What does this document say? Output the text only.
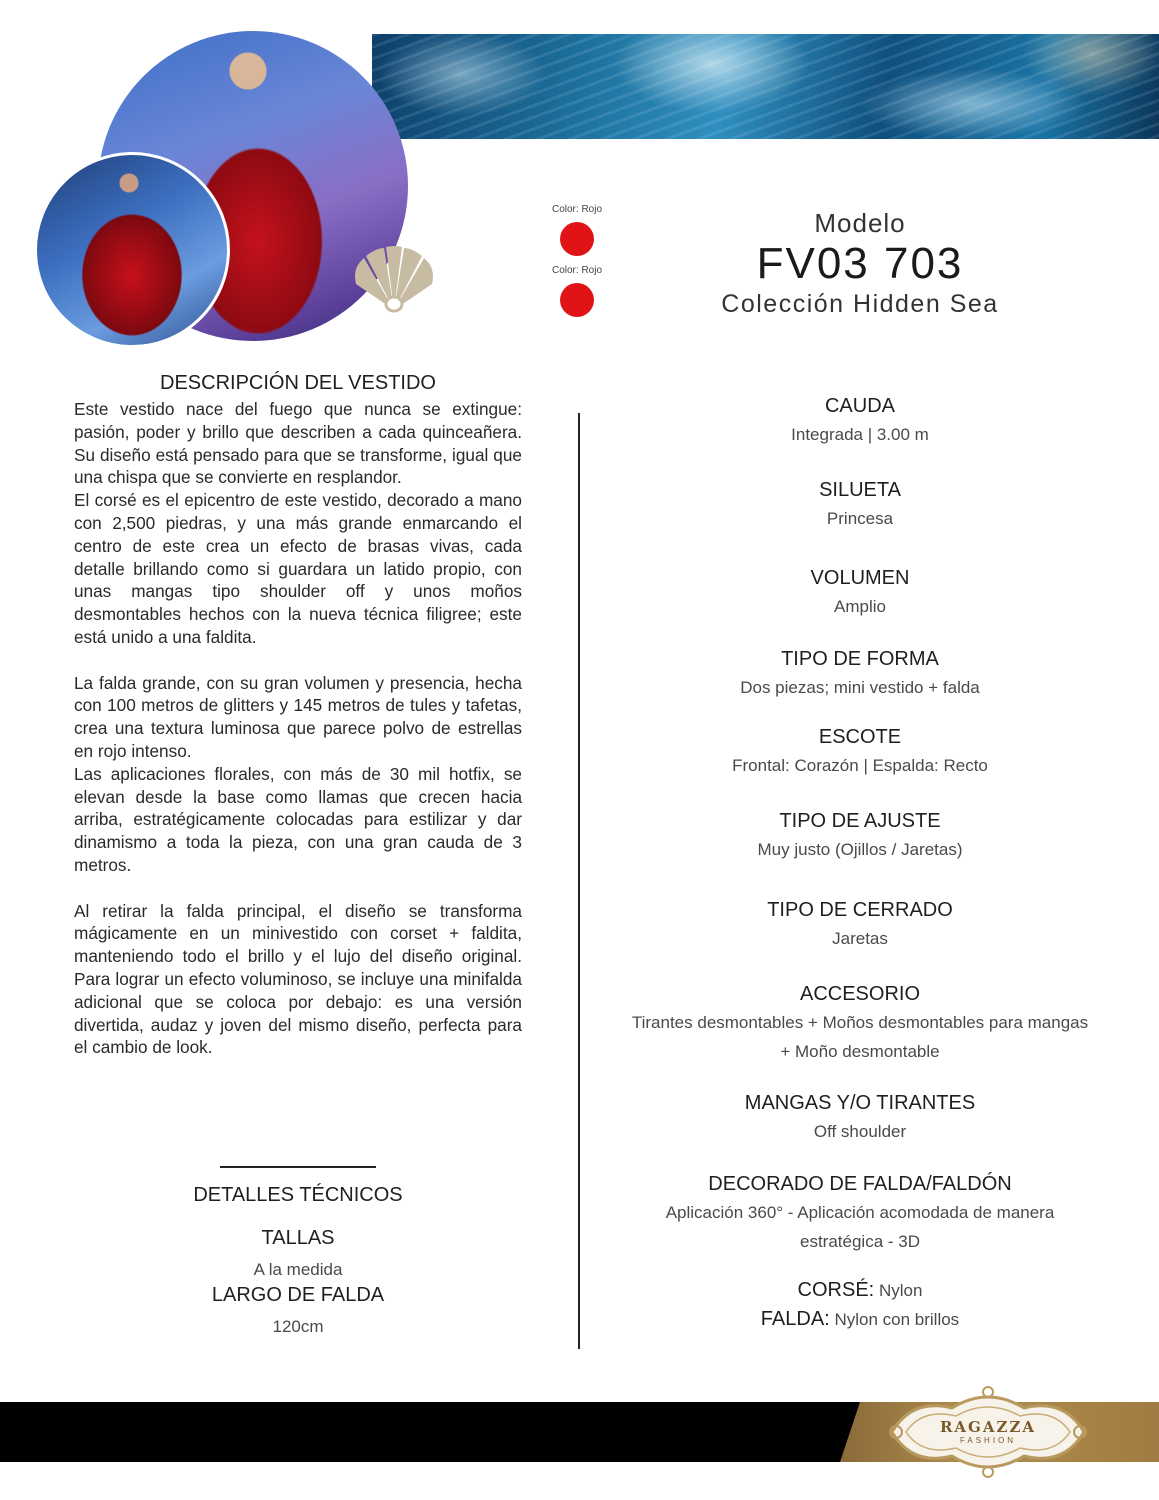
Color: Rojo
Color: Rojo
Modelo
FV03 703
Colección Hidden Sea
DESCRIPCIÓN DEL VESTIDO

Este vestido nace del fuego que nunca se extingue: pasión, poder y brillo que describen a cada quinceañera. Su diseño está pensado para que se transforme, igual que una chispa que se convierte en resplandor.

El corsé es el epicentro de este vestido, decorado a mano con 2,500 piedras, y una más grande enmarcando el centro de este crea un efecto de brasas vivas, cada detalle brillando como si guardara un latido propio, con unas mangas tipo shoulder off y unos moños desmontables hechos con la nueva técnica filigree; este está unido a una faldita.

La falda grande, con su gran volumen y presencia, hecha con 100 metros de glitters y 145 metros de tules y tafetas, crea una textura luminosa que parece polvo de estrellas en rojo intenso.

Las aplicaciones florales, con más de 30 mil hotfix, se elevan desde la base como llamas que crecen hacia arriba, estratégicamente colocadas para estilizar y dar dinamismo a toda la pieza, con una gran cauda de 3 metros.

Al retirar la falda principal, el diseño se transforma mágicamente en un minivestido con corset + faldita, manteniendo todo el brillo y el lujo del diseño original. Para lograr un efecto voluminoso, se incluye una minifalda adicional que se coloca por debajo: es una versión divertida, audaz y joven del mismo diseño, perfecta para el cambio de look.

DETALLES TÉCNICOS
TALLAS
A la medida
LARGO DE FALDA
120cm
CAUDA
Integrada | 3.00 m
SILUETA
Princesa
VOLUMEN
Amplio
TIPO DE FORMA
Dos piezas; mini vestido + falda
ESCOTE
Frontal: Corazón | Espalda: Recto
TIPO DE AJUSTE
Muy justo (Ojillos / Jaretas)
TIPO DE CERRADO
Jaretas
ACCESORIO
Tirantes desmontables + Moños desmontables para mangas + Moño desmontable
MANGAS Y/O TIRANTES
Off shoulder
DECORADO DE FALDA/FALDÓN
Aplicación 360° - Aplicación acomodada de manera estratégica - 3D
CORSÉ: Nylon
FALDA: Nylon con brillos
RAGAZZA
FASHION
